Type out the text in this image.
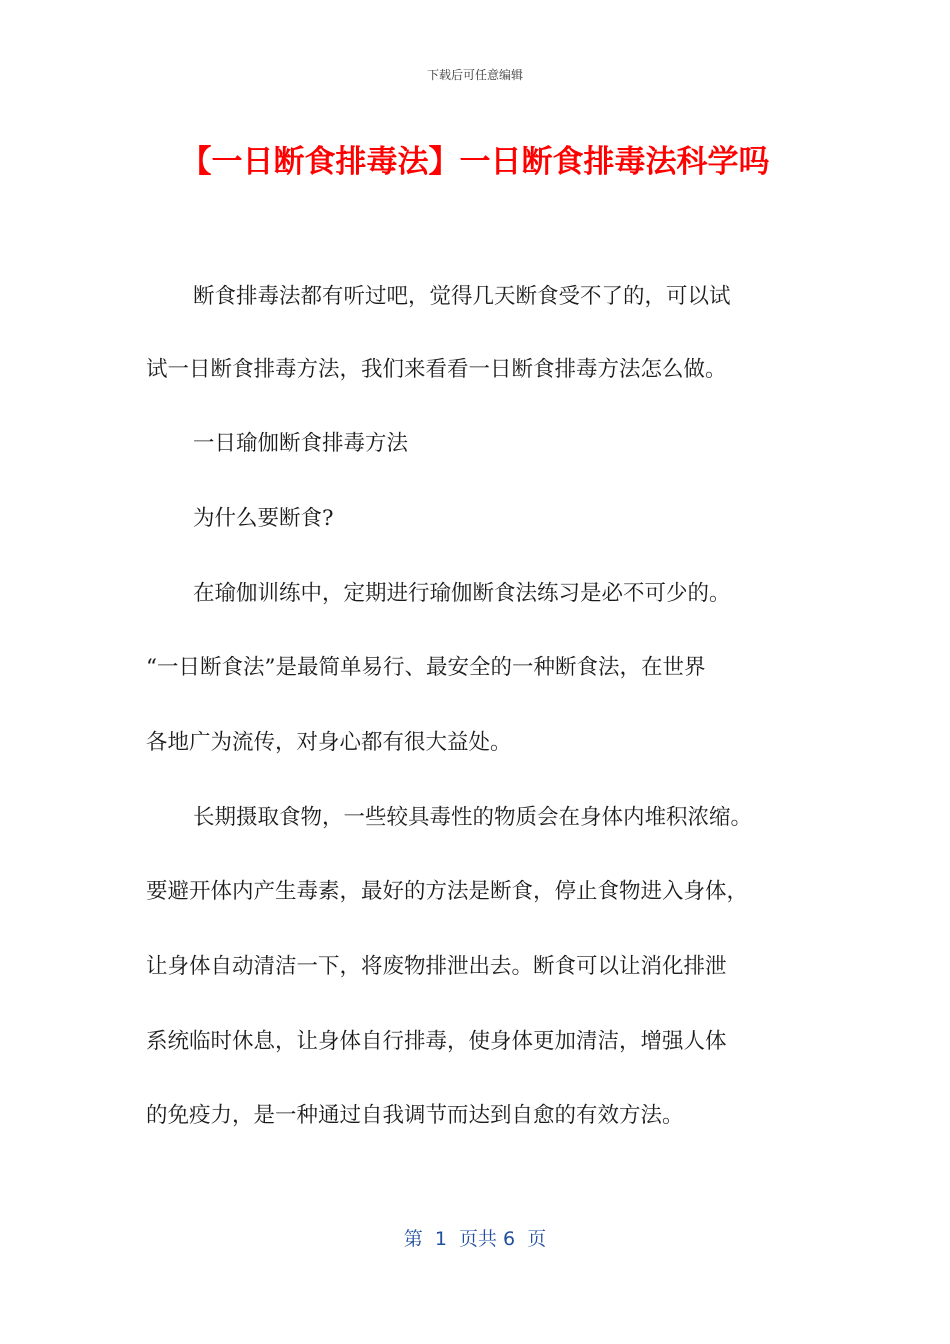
下载后可任意编辑
【一日断食排毒法】一日断食排毒法科学吗
断食排毒法都有听过吧，觉得几天断食受不了的，可以试
试一日断食排毒方法，我们来看看一日断食排毒方法怎么做。
一日瑜伽断食排毒方法
为什么要断食?
在瑜伽训练中，定期进行瑜伽断食法练习是必不可少的。
“一日断食法”是最简单易行、最安全的一种断食法，在世界
各地广为流传，对身心都有很大益处。
长期摄取食物，一些较具毒性的物质会在身体内堆积浓缩。
要避开体内产生毒素，最好的方法是断食，停止食物进入身体，
让身体自动清洁一下，将废物排泄出去。断食可以让消化排泄
系统临时休息，让身体自行排毒，使身体更加清洁，增强人体
的免疫力，是一种通过自我调节而达到自愈的有效方法。
第  1  页共 6  页
